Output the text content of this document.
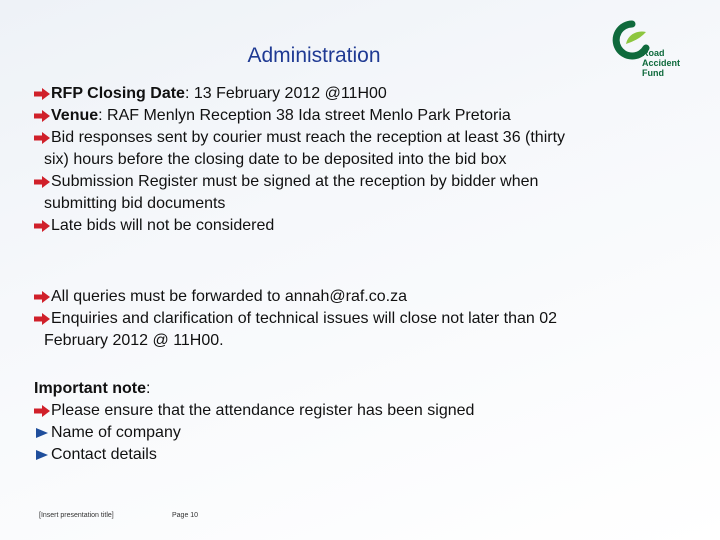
Administration	Road
Accident
Fund
RFP Closing Date: 13 February 2012 @11H00
Venue: RAF Menlyn Reception 38 Ida street Menlo Park Pretoria
Bid responses sent by courier must reach the reception at least 36 (thirty
six) hours before the closing date to be deposited into the bid box
Submission Register must be signed at the reception by bidder when
submitting bid documents
Late bids will not be considered
All queries must be forwarded to annah@raf.co.za
Enquiries and clarification of technical issues will close not later than 02
February 2012 @ 11H00.
Important note:
Please ensure that the attendance register has been signed
Name of company
Contact details
[Insert presentation title]	Page 10
